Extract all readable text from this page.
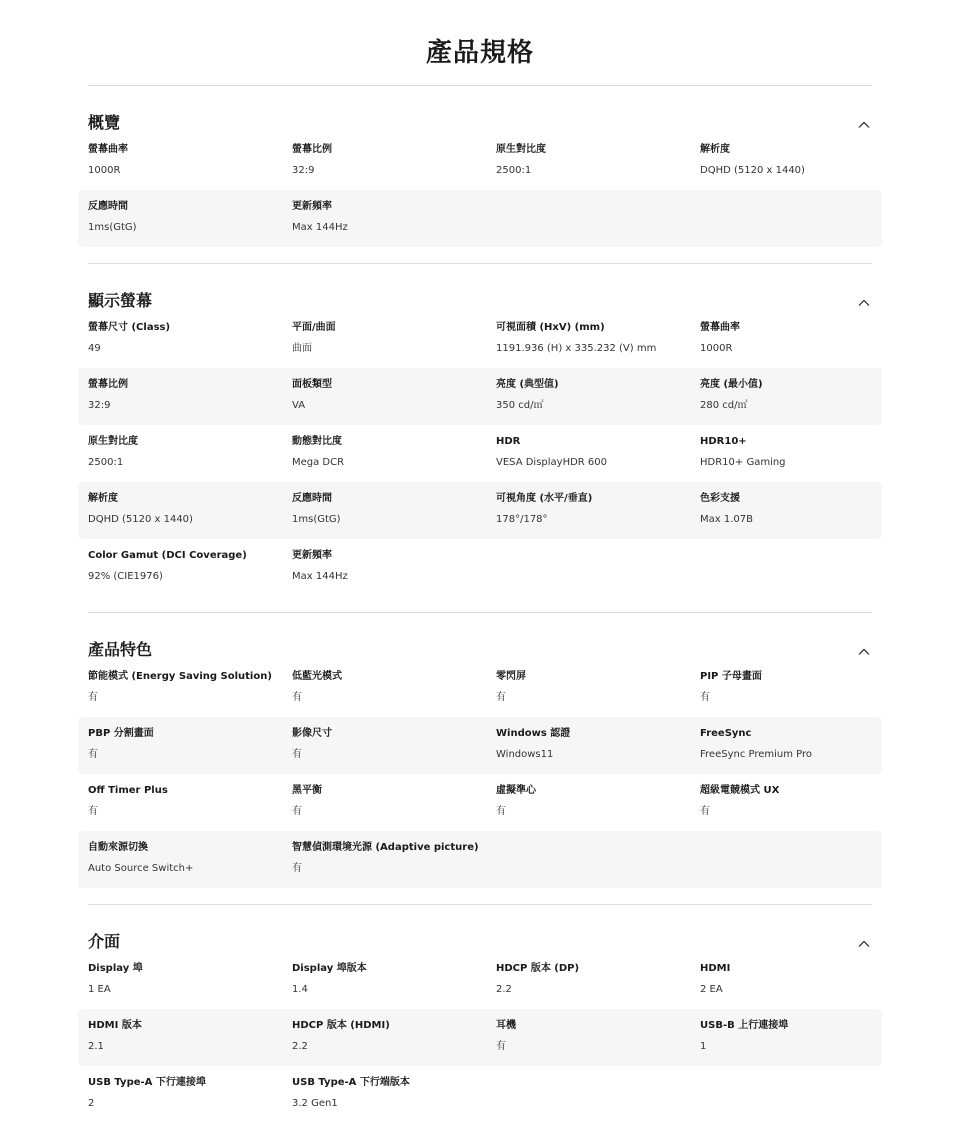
產品規格
概覽
螢幕曲率
1000R
螢幕比例
32:9
原生對比度
2500:1
解析度
DQHD (5120 x 1440)
反應時間
1ms(GtG)
更新頻率
Max 144Hz
顯示螢幕
螢幕尺寸 (Class)
49
平面/曲面
曲面
可視面積 (HxV) (mm)
1191.936 (H) x 335.232 (V) mm
螢幕曲率
1000R
螢幕比例
32:9
面板類型
VA
亮度 (典型值)
350 cd/㎡
亮度 (最小值)
280 cd/㎡
原生對比度
2500:1
動態對比度
Mega DCR
HDR
VESA DisplayHDR 600
HDR10+
HDR10+ Gaming
解析度
DQHD (5120 x 1440)
反應時間
1ms(GtG)
可視角度 (水平/垂直)
178°/178°
色彩支援
Max 1.07B
Color Gamut (DCI Coverage)
92% (CIE1976)
更新頻率
Max 144Hz
產品特色
節能模式 (Energy Saving Solution)
有
低藍光模式
有
零閃屏
有
PIP 子母畫面
有
PBP 分割畫面
有
影像尺寸
有
Windows 認證
Windows11
FreeSync
FreeSync Premium Pro
Off Timer Plus
有
黑平衡
有
虛擬準心
有
超級電競模式 UX
有
自動來源切換
Auto Source Switch+
智慧偵測環境光源 (Adaptive picture)
有
介面
Display 埠
1 EA
Display 埠版本
1.4
HDCP 版本 (DP)
2.2
HDMI
2 EA
HDMI 版本
2.1
HDCP 版本 (HDMI)
2.2
耳機
有
USB-B 上行連接埠
1
USB Type-A 下行連接埠
2
USB Type-A 下行端版本
3.2 Gen1
